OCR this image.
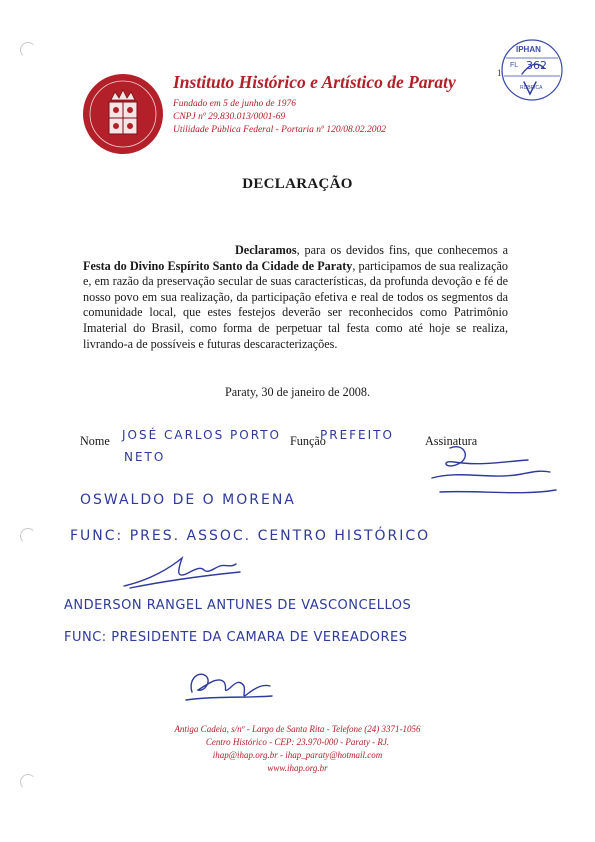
Instituto Histórico e Artístico de Paraty
Fundado em 5 de junho de 1976
CNPJ nº 29.830.013/0001-69
Utilidade Pública Federal - Portaria nº 120/08.02.2002
1
IPHAN
FL 362
RUBRICA
DECLARAÇÃO
Declaramos, para os devidos fins, que conhecemos a Festa do Divino Espírito Santo da Cidade de Paraty, participamos de sua realização e, em razão da preservação secular de suas características, da profunda devoção e fé de nosso povo em sua realização, da participação efetiva e real de todos os segmentos da comunidade local, que estes festejos deverão ser reconhecidos como Patrimônio Imaterial do Brasil, como forma de perpetuar tal festa como até hoje se realiza, livrando-a de possíveis e futuras descaracterizações.
Paraty, 30 de janeiro de 2008.
Nome	Função	Assinatura
JOSÉ CARLOS PORTO
NETO
PREFEITO
OSWALDO DE O MORENA
FUNC: PRES. ASSOC. CENTRO HISTÓRICO
ANDERSON RANGEL ANTUNES DE VASCONCELLOS
FUNC: PRESIDENTE DA CAMARA DE VEREADORES
Antiga Cadeia, s/nº - Largo de Santa Rita - Telefone (24) 3371-1056
Centro Histórico - CEP: 23.970-000 - Paraty - RJ.
ihap@ihap.org.br - ihap_paraty@hotmail.com
www.ihap.org.br
